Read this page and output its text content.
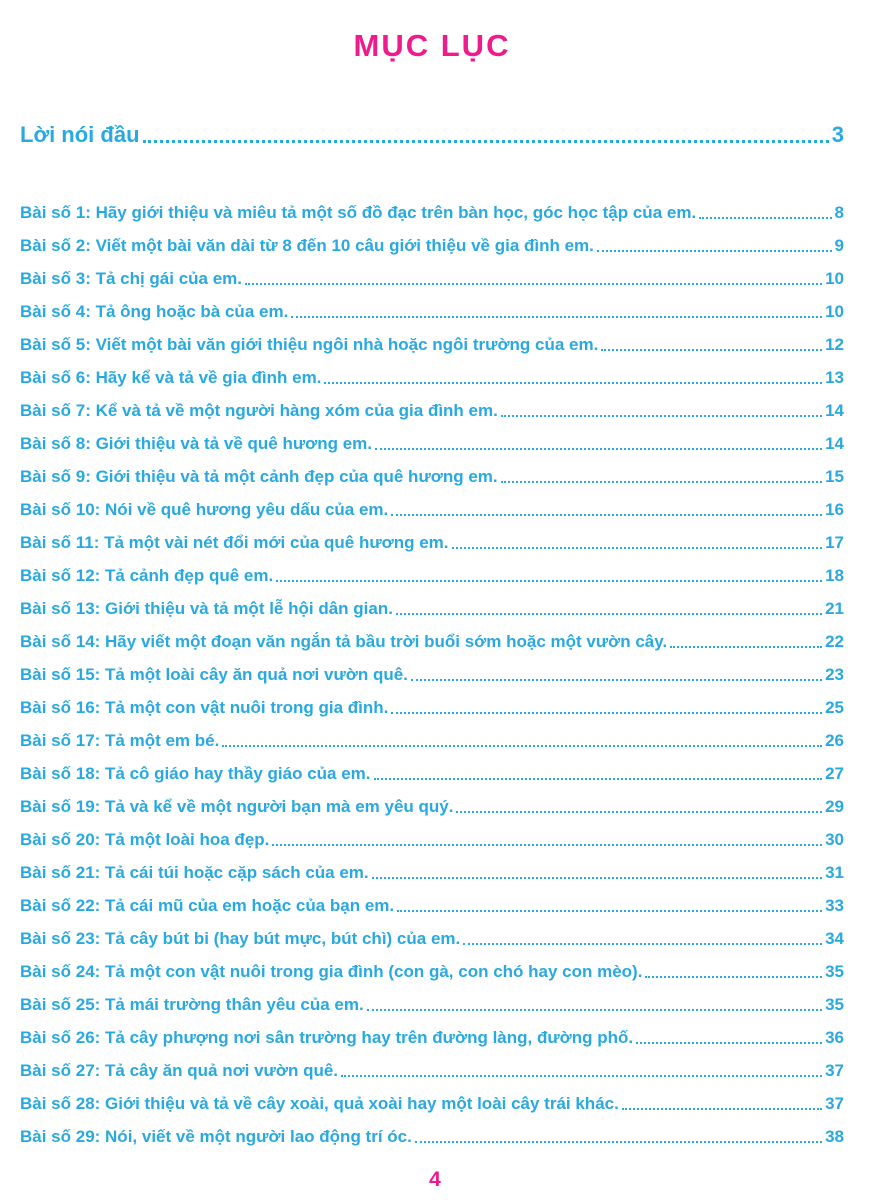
MỤC LỤC
Lời nói đầu	3
Bài số 1: Hãy giới thiệu và miêu tả một số đồ đạc trên bàn học, góc học tập của em.	8
Bài số 2: Viết một bài văn dài từ 8 đến 10 câu giới thiệu về gia đình em.	9
Bài số 3: Tả chị gái của em.	10
Bài số 4: Tả ông hoặc bà của em.	10
Bài số 5: Viết một bài văn giới thiệu ngôi nhà hoặc ngôi trường của em.	12
Bài số 6: Hãy kể và tả về gia đình em.	13
Bài số 7: Kể và tả về một người hàng xóm của gia đình em.	14
Bài số 8: Giới thiệu và tả về quê hương em.	14
Bài số 9: Giới thiệu và tả một cảnh đẹp của quê hương em.	15
Bài số 10: Nói về quê hương yêu dấu của em.	16
Bài số 11: Tả một vài nét đổi mới của quê hương em.	17
Bài số 12: Tả cảnh đẹp quê em.	18
Bài số 13: Giới thiệu và tả một lễ hội dân gian.	21
Bài số 14: Hãy viết một đoạn văn ngắn tả bầu trời buổi sớm hoặc một vườn cây.	22
Bài số 15: Tả một loài cây ăn quả nơi vườn quê.	23
Bài số 16: Tả một con vật nuôi trong gia đình.	25
Bài số 17: Tả một em bé.	26
Bài số 18: Tả cô giáo hay thầy giáo của em.	27
Bài số 19: Tả và kể về một người bạn mà em yêu quý.	29
Bài số 20: Tả một loài hoa đẹp.	30
Bài số 21: Tả cái túi hoặc cặp sách của em.	31
Bài số 22: Tả cái mũ của em hoặc của bạn em.	33
Bài số 23: Tả cây bút bi (hay bút mực, bút chì) của em.	34
Bài số 24: Tả một con vật nuôi trong gia đình (con gà, con chó hay con mèo).	35
Bài số 25: Tả mái trường thân yêu của em.	35
Bài số 26: Tả cây phượng nơi sân trường hay trên đường làng, đường phố.	36
Bài số 27: Tả cây ăn quả nơi vườn quê.	37
Bài số 28: Giới thiệu và tả về cây xoài, quả xoài hay một loài cây trái khác.	37
Bài số 29: Nói, viết về một người lao động trí óc.	38
4
